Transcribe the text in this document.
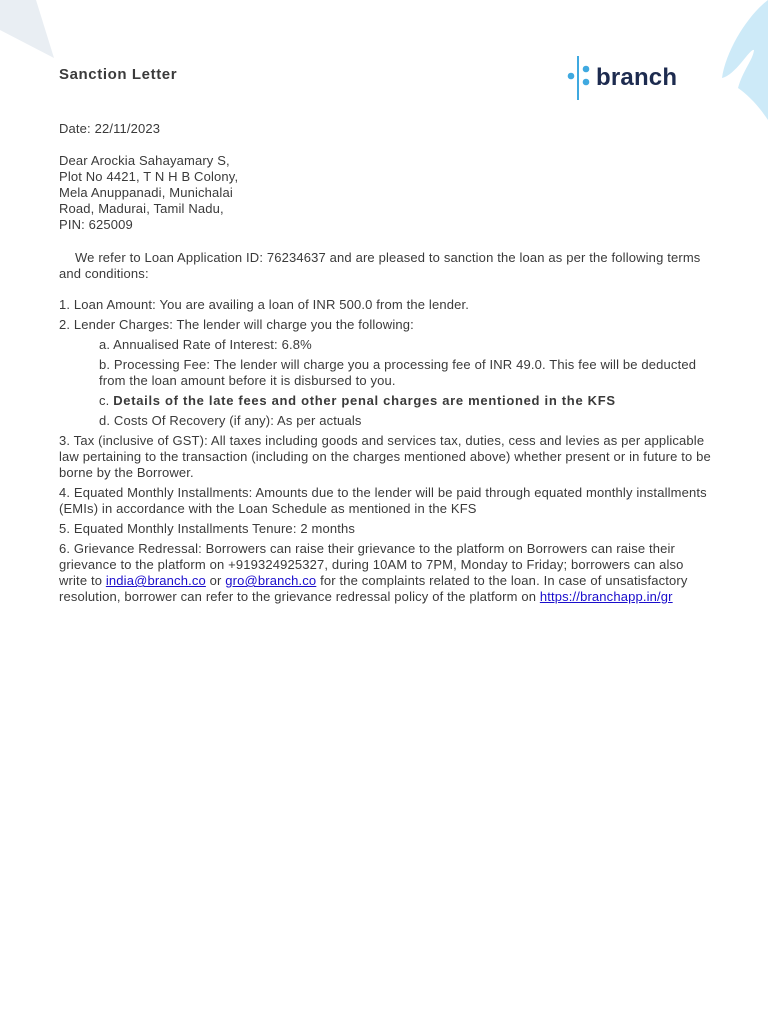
Sanction Letter	branch
Date: 22/11/2023
Dear Arockia Sahayamary S,
Plot No 4421, T N H B Colony,
Mela Anuppanadi, Munichalai
Road, Madurai, Tamil Nadu,
PIN: 625009
We refer to Loan Application ID: 76234637 and are pleased to sanction the loan as per the following terms and conditions:
1. Loan Amount: You are availing a loan of INR 500.0 from the lender.
2. Lender Charges: The lender will charge you the following:
a. Annualised Rate of Interest: 6.8%
b. Processing Fee: The lender will charge you a processing fee of INR 49.0. This fee will be deducted from the loan amount before it is disbursed to you.
c. Details of the late fees and other penal charges are mentioned in the KFS
d. Costs Of Recovery (if any): As per actuals
3. Tax (inclusive of GST): All taxes including goods and services tax, duties, cess and levies as per applicable law pertaining to the transaction (including on the charges mentioned above) whether present or in future to be borne by the Borrower.
4. Equated Monthly Installments: Amounts due to the lender will be paid through equated monthly installments (EMIs) in accordance with the Loan Schedule as mentioned in the KFS
5. Equated Monthly Installments Tenure: 2 months
6. Grievance Redressal: Borrowers can raise their grievance to the platform on Borrowers can raise their grievance to the platform on +919324925327, during 10AM to 7PM, Monday to Friday; borrowers can also write to india@branch.co or gro@branch.co for the complaints related to the loan. In case of unsatisfactory resolution, borrower can refer to the grievance redressal policy of the platform on https://branchapp.in/gr
